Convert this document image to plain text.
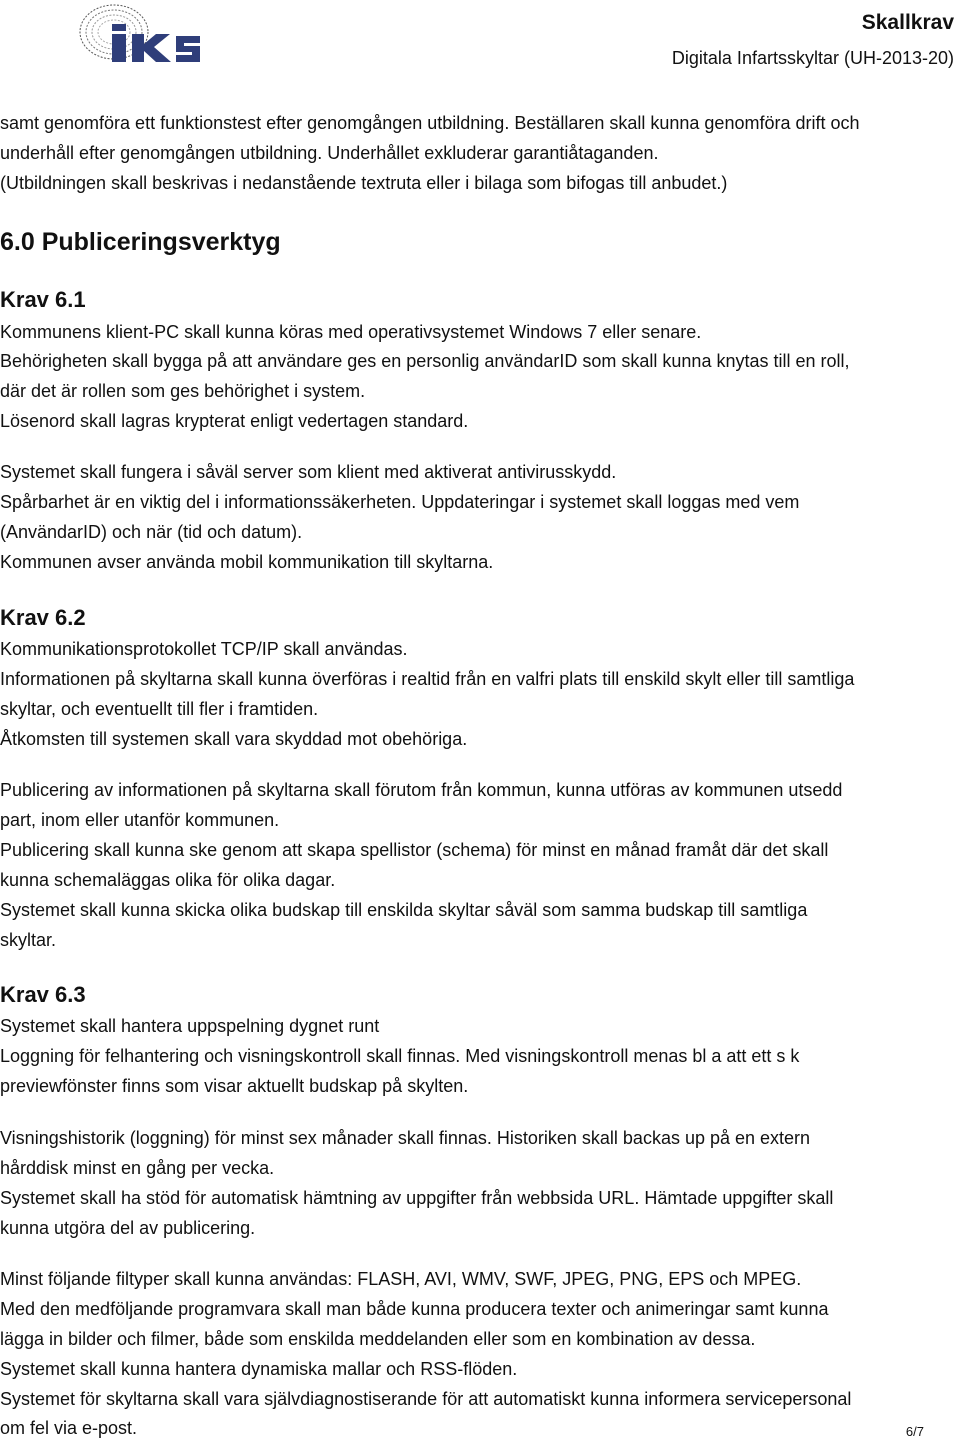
Skallkrav
Digitala Infartsskyltar (UH-2013-20)

samt genomföra ett funktionstest efter genomgången utbildning. Beställaren skall kunna genomföra drift och

underhåll efter genomgången utbildning. Underhållet exkluderar garantiåtaganden.

(Utbildningen skall beskrivas i nedanstående textruta eller i bilaga som bifogas till anbudet.)

6.0 Publiceringsverktyg
Krav 6.1

Kommunens klient-PC skall kunna köras med operativsystemet Windows 7 eller senare.

Behörigheten skall bygga på att användare ges en personlig användarID som skall kunna knytas till en roll,

där det är rollen som ges behörighet i system.

Lösenord skall lagras krypterat enligt vedertagen standard.

Systemet skall fungera i såväl server som klient med aktiverat antivirusskydd.

Spårbarhet är en viktig del i informationssäkerheten. Uppdateringar i systemet skall loggas med vem

(AnvändarID) och när (tid och datum).

Kommunen avser använda mobil kommunikation till skyltarna.

Krav 6.2

Kommunikationsprotokollet TCP/IP skall användas.

Informationen på skyltarna skall kunna överföras i realtid från en valfri plats till enskild skylt eller till samtliga

skyltar, och eventuellt till fler i framtiden.

Åtkomsten till systemen skall vara skyddad mot obehöriga.

Publicering av informationen på skyltarna skall förutom från kommun, kunna utföras av kommunen utsedd

part, inom eller utanför kommunen.

Publicering skall kunna ske genom att skapa spellistor (schema) för minst en månad framåt där det skall

kunna schemaläggas olika för olika dagar.

Systemet skall kunna skicka olika budskap till enskilda skyltar såväl som samma budskap till samtliga

skyltar.

Krav 6.3

Systemet skall hantera uppspelning dygnet runt

Loggning för felhantering och visningskontroll skall finnas. Med visningskontroll menas bl a att ett s k

previewfönster finns som visar aktuellt budskap på skylten.

Visningshistorik (loggning) för minst sex månader skall finnas. Historiken skall backas up på en extern

hårddisk minst en gång per vecka.

Systemet skall ha stöd för automatisk hämtning av uppgifter från webbsida URL. Hämtade uppgifter skall

kunna utgöra del av publicering.

Minst följande filtyper skall kunna användas: FLASH, AVI, WMV, SWF, JPEG, PNG, EPS och MPEG.

Med den medföljande programvara skall man både kunna producera texter och animeringar samt kunna

lägga in bilder och filmer, både som enskilda meddelanden eller som en kombination av dessa.

Systemet skall kunna hantera dynamiska mallar och RSS-flöden.

Systemet för skyltarna skall vara självdiagnostiserande för att automatiskt kunna informera servicepersonal

om fel via e-post.	6/7
